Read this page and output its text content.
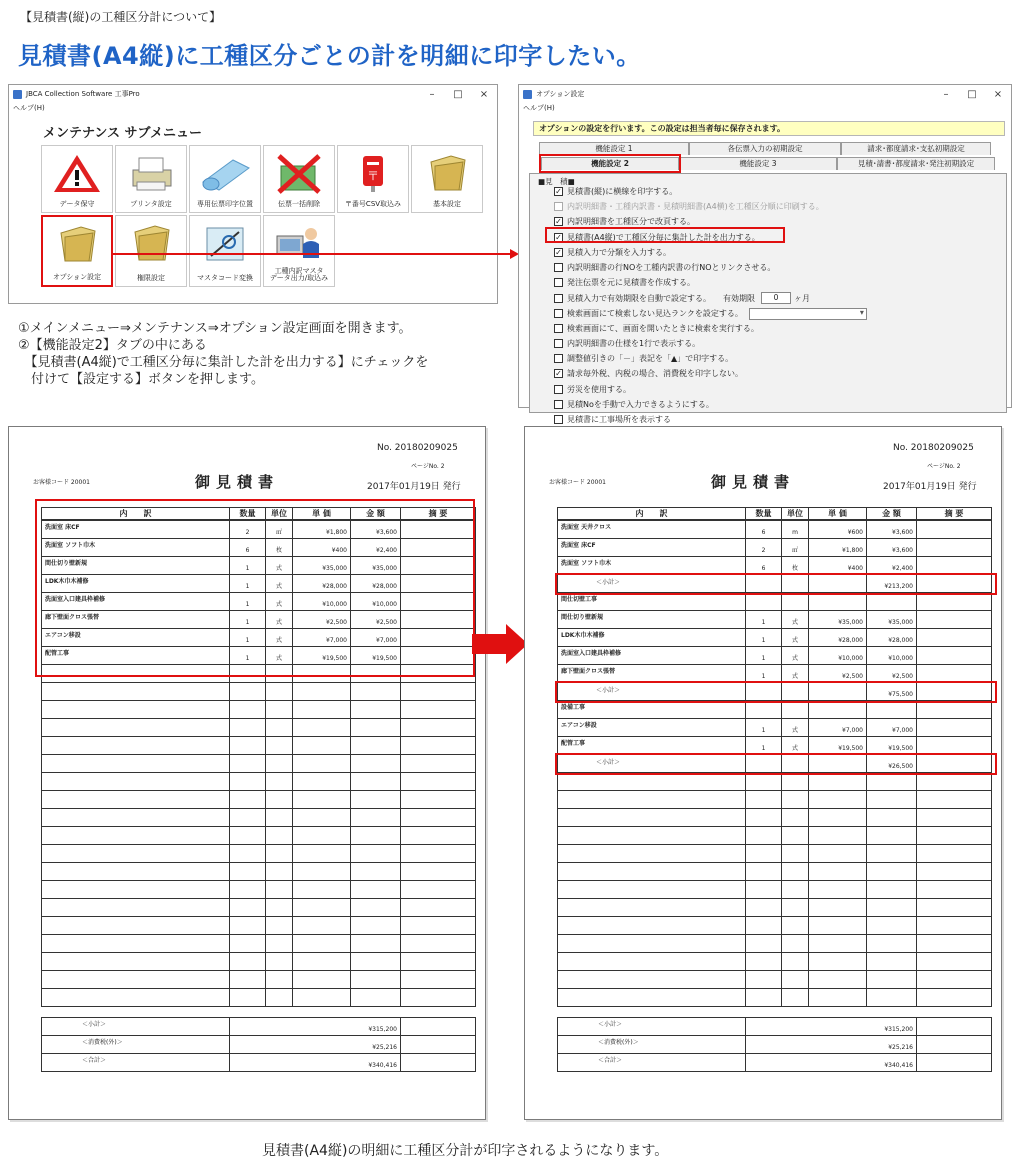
【見積書(縦)の工種区分計について】
見積書(A4縦)に工種区分ごとの計を明細に印字したい。
JBCA Collection Software 工事Pro	–	□	×
ヘルプ(H)
メンテナンス サブメニュー
データ保守	プリンタ設定	専用伝票印字位置	伝票一括削除
〒
〒番号CSV取込み	基本設定
オプション設定	権限設定	マスタコード変換
工種内訳マスタ
データ出力/取込み
オプション設定	–	□	×
ヘルプ(H)
オプションの設定を行います。この設定は担当者毎に保存されます。
機能設定 1	各伝票入力の初期設定	請求･都度請求･支払初期設定
機能設定 2	機能設定 3	見積･請書･都度請求･発注初期設定
■見　積■
✓ 見積書(縦)に横線を印字する。
内訳明細書・工種内訳書・見積明細書(A4横)を工種区分順に印刷する。
✓ 内訳明細書を工種区分で改頁する。
✓ 見積書(A4縦)で工種区分毎に集計した計を出力する。
✓ 見積入力で分類を入力する。
内訳明細書の行NOを工種内訳書の行NOとリンクさせる。
発注伝票を元に見積書を作成する。
見積入力で有効期限を自動で設定する。 有効期限	0	ヶ月
検索画面にて検索しない見込ランクを設定する。
▾
検索画面にて、画面を開いたときに検索を実行する。
内訳明細書の仕様を1行で表示する。
調整値引きの「－」表記を「▲」で印字する。
✓ 請求毎外税、内税の場合、消費税を印字しない。
労災を使用する。
見積Noを手動で入力できるようにする。
見積書に工事場所を表示する
①メインメニュー⇒メンテナンス⇒オプション設定画面を開きます。
②【機能設定2】タブの中にある
　【見積書(A4縦)で工種区分毎に集計した計を出力する】にチェックを
　付けて【設定する】ボタンを押します。
No. 20180209025
ページNo. 2
お客様コード 20001	御見積書	2017年01月19日 発行
内　　訳	数量	単位	単 価	金 額	摘 要
洗面室 床CF	2	㎡	¥1,800	¥3,600	
洗面室 ソフト巾木	6	枚	¥400	¥2,400	
間仕切り壁新規	1	式	¥35,000	¥35,000	
LDK木巾木補修	1	式	¥28,000	¥28,000	
洗面室入口建具枠補修	1	式	¥10,000	¥10,000	
廊下壁面クロス張替	1	式	¥2,500	¥2,500	
エアコン移設	1	式	¥7,000	¥7,000	
配管工事	1	式	¥19,500	¥19,500	

＜小計＞	¥315,200	
＜消費税(外)＞	¥25,216	
＜合計＞	¥340,416	
No. 20180209025
ページNo. 2
お客様コード 20001	御見積書	2017年01月19日 発行
内　　訳	数量	単位	単 価	金 額	摘 要
洗面室 天井クロス	6	m	¥600	¥3,600	
洗面室 床CF	2	㎡	¥1,800	¥3,600	
洗面室 ソフト巾木	6	枚	¥400	¥2,400	
＜小計＞				¥213,200	
間仕切壁工事					
間仕切り壁新規	1	式	¥35,000	¥35,000	
LDK木巾木補修	1	式	¥28,000	¥28,000	
洗面室入口建具枠補修	1	式	¥10,000	¥10,000	
廊下壁面クロス張替	1	式	¥2,500	¥2,500	
＜小計＞				¥75,500	
設備工事					
エアコン移設	1	式	¥7,000	¥7,000	
配管工事	1	式	¥19,500	¥19,500	
＜小計＞				¥26,500	

＜小計＞	¥315,200	
＜消費税(外)＞	¥25,216	
＜合計＞	¥340,416	
見積書(A4縦)の明細に工種区分計が印字されるようになります。
